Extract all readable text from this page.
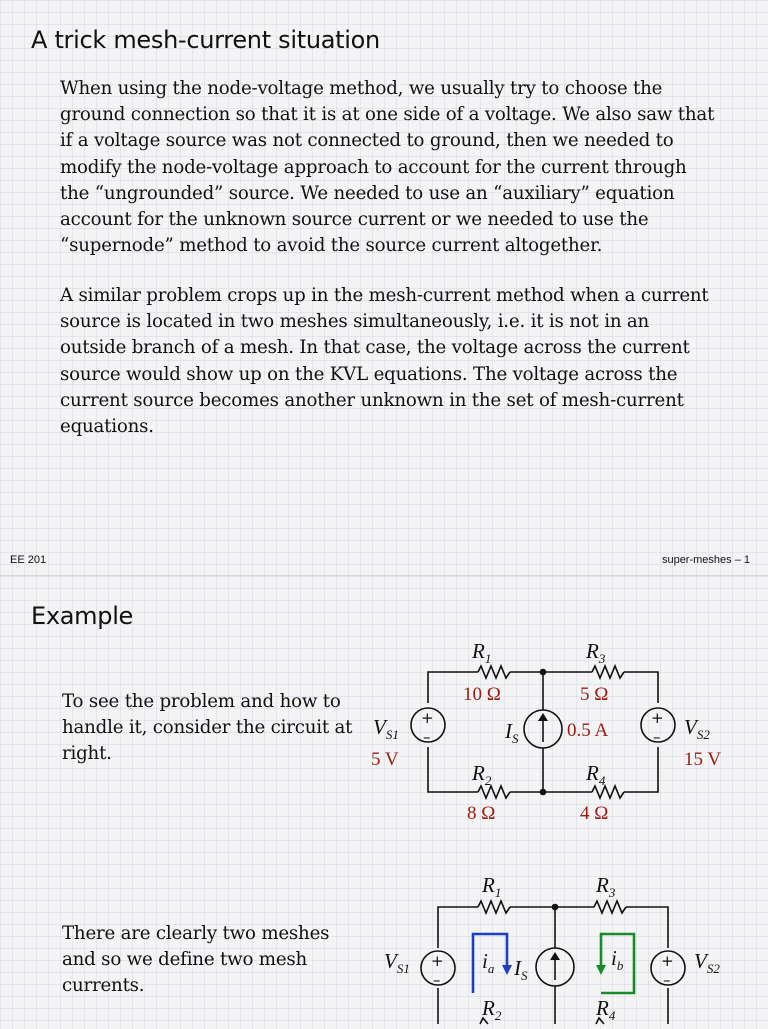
A trick mesh-current situation

When using the node-voltage method, we usually try to choose the ground connection so that it is at one side of a voltage. We also saw that if a voltage source was not connected to ground, then we needed to modify the node-voltage approach to account for the current through the “ungrounded” source. We needed to use an “auxiliary” equation account for the unknown source current or we needed to use the “supernode” method to avoid the source current altogether.

A similar problem crops up in the mesh-current method when a current source is located in two meshes simultaneously, i.e. it is not in an outside branch of a mesh. In that case, the voltage across the current source would show up on the KVL equations. The voltage across the current source becomes another unknown in the set of mesh-current equations.

EE 201	super-meshes – 1
Example

To see the problem and how to handle it, consider the circuit at right.

There are clearly two meshes and so we define two mesh currents.

$R_1$
10 Ω
$R_3$
5 Ω
$R_2$
8 Ω
$R_4$
4 Ω
+
–
$V_{S1}$
5 V
+
– $V_{S2}$
15 V
$I_S$	0.5 A
$R_1$	$R_3$
$R_2$	$R_4$
+
–
$V_{S1}$	+
–
$V_{S2}$
$I_S$
$i_a$	$i_b$
